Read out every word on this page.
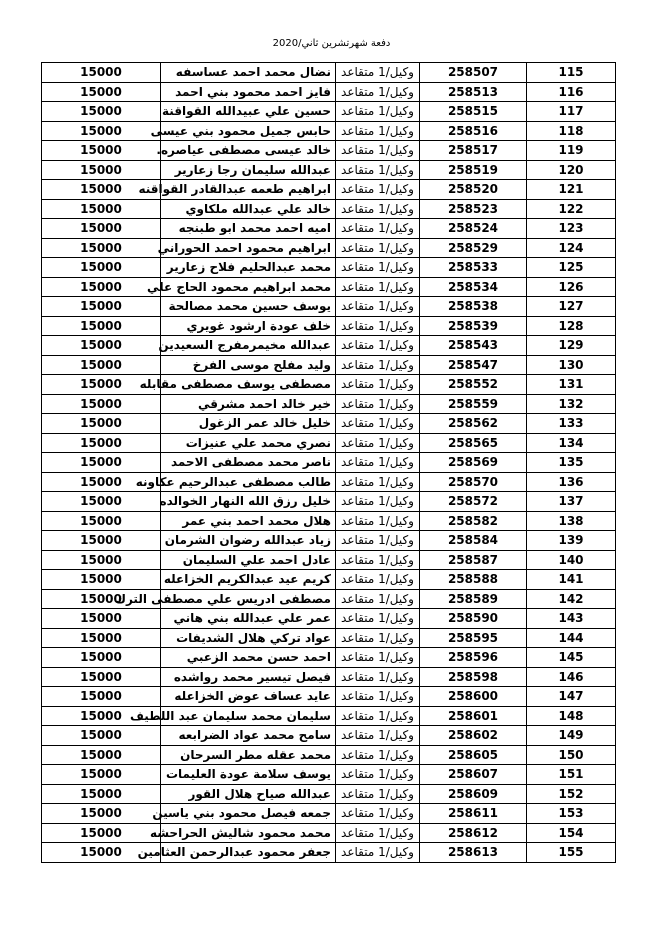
دفعة شهرتشرين ثاني/2020
15000	نضال محمد احمد عساسفه	وكيل/1 متقاعد	258507	115
15000	فايز احمد محمود بني احمد	وكيل/1 متقاعد	258513	116
15000	حسين علي عبيدالله القواقنة	وكيل/1 متقاعد	258515	117
15000	حابس جميل محمود بني عيسى	وكيل/1 متقاعد	258516	118
15000	خالد عيسى مصطفى عياصره.	وكيل/1 متقاعد	258517	119
15000	عبدالله سليمان رجا زعارير	وكيل/1 متقاعد	258519	120
15000	ابراهيم طعمه عبدالقادر القواقنه	وكيل/1 متقاعد	258520	121
15000	خالد علي عبدالله ملكاوي	وكيل/1 متقاعد	258523	122
15000	اميه احمد محمد ابو طبنجه	وكيل/1 متقاعد	258524	123
15000	ابراهيم محمود احمد الحوراني	وكيل/1 متقاعد	258529	124
15000	محمد عبدالحليم فلاح زعارير	وكيل/1 متقاعد	258533	125
15000	محمد ابراهيم محمود الحاج علي	وكيل/1 متقاعد	258534	126
15000	يوسف حسين محمد مصالحة	وكيل/1 متقاعد	258538	127
15000	خلف عودة ارشود غويري	وكيل/1 متقاعد	258539	128
15000	عبدالله مخيمرمفرج السعيدين	وكيل/1 متقاعد	258543	129
15000	وليد مفلح موسى الفرخ	وكيل/1 متقاعد	258547	130
15000	مصطفى يوسف مصطفى مقابله	وكيل/1 متقاعد	258552	131
15000	خير خالد احمد مشرقي	وكيل/1 متقاعد	258559	132
15000	خليل خالد عمر الزغول	وكيل/1 متقاعد	258562	133
15000	نصري محمد علي عنيزات	وكيل/1 متقاعد	258565	134
15000	ناصر محمد مصطفى الاحمد	وكيل/1 متقاعد	258569	135
15000	طالب مصطفى عبدالرحيم عكاونه	وكيل/1 متقاعد	258570	136
15000	خليل رزق الله النهار الخوالده	وكيل/1 متقاعد	258572	137
15000	هلال محمد احمد بني عمر	وكيل/1 متقاعد	258582	138
15000	زياد عبدالله رضوان الشرمان	وكيل/1 متقاعد	258584	139
15000	عادل احمد علي السليمان	وكيل/1 متقاعد	258587	140
15000	كريم عيد عبدالكريم الخزاعله	وكيل/1 متقاعد	258588	141
15000	مصطفى ادريس علي مصطفى الترك	وكيل/1 متقاعد	258589	142
15000	عمر علي عبدالله بني هاني	وكيل/1 متقاعد	258590	143
15000	عواد تركي هلال الشديفات	وكيل/1 متقاعد	258595	144
15000	احمد حسن محمد الزعبي	وكيل/1 متقاعد	258596	145
15000	فيصل تيسير محمد رواشده	وكيل/1 متقاعد	258598	146
15000	عايد عساف عوض الخزاعله	وكيل/1 متقاعد	258600	147
15000	سليمان محمد سليمان عبد اللطيف	وكيل/1 متقاعد	258601	148
15000	سامح محمد عواد الضرابعه	وكيل/1 متقاعد	258602	149
15000	محمد عقله مطر السرحان	وكيل/1 متقاعد	258605	150
15000	يوسف سلامة عودة العليمات	وكيل/1 متقاعد	258607	151
15000	عبدالله صياح هلال القور	وكيل/1 متقاعد	258609	152
15000	جمعه فيصل محمود بني ياسين	وكيل/1 متقاعد	258611	153
15000	محمد محمود شاليش الحراحشه	وكيل/1 متقاعد	258612	154
15000	جعفر محمود عبدالرحمن العثامين	وكيل/1 متقاعد	258613	155
